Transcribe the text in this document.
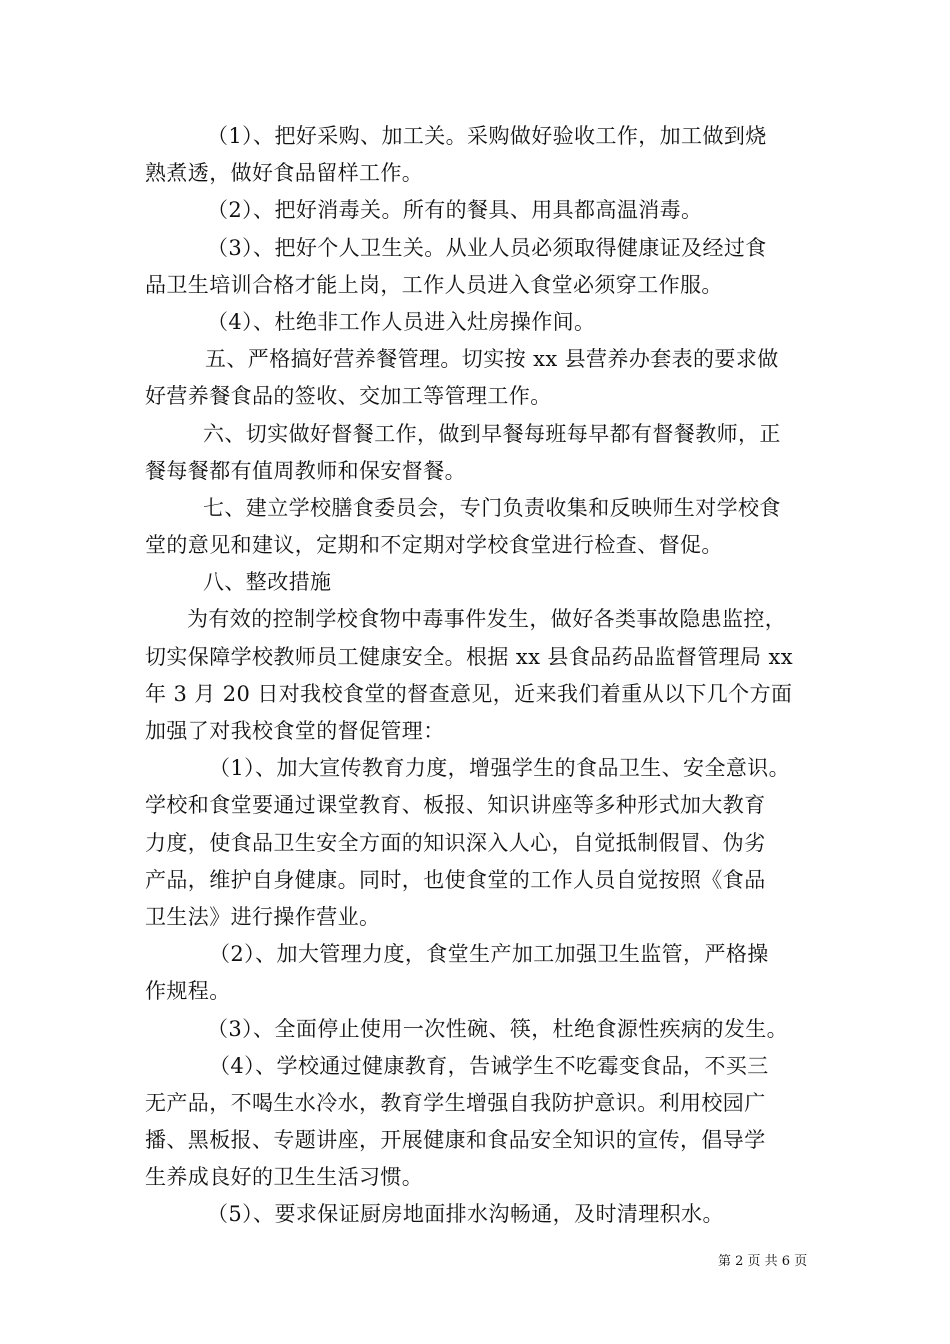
（1）、把好采购、加工关。采购做好验收工作，加工做到烧
熟煮透，做好食品留样工作。
（2）、把好消毒关。所有的餐具、用具都高温消毒。
（3）、把好个人卫生关。从业人员必须取得健康证及经过食
品卫生培训合格才能上岗，工作人员进入食堂必须穿工作服。
（4）、杜绝非工作人员进入灶房操作间。
五、严格搞好营养餐管理。切实按 xx 县营养办套表的要求做
好营养餐食品的签收、交加工等管理工作。
六、切实做好督餐工作，做到早餐每班每早都有督餐教师，正
餐每餐都有值周教师和保安督餐。
七、建立学校膳食委员会，专门负责收集和反映师生对学校食
堂的意见和建议，定期和不定期对学校食堂进行检查、督促。
八、整改措施
为有效的控制学校食物中毒事件发生，做好各类事故隐患监控，
切实保障学校教师员工健康安全。根据 xx 县食品药品监督管理局 xx
年 3 月 20 日对我校食堂的督查意见，近来我们着重从以下几个方面
加强了对我校食堂的督促管理：
（1）、加大宣传教育力度，增强学生的食品卫生、安全意识。
学校和食堂要通过课堂教育、板报、知识讲座等多种形式加大教育
力度，使食品卫生安全方面的知识深入人心，自觉抵制假冒、伪劣
产品，维护自身健康。同时，也使食堂的工作人员自觉按照《食品
卫生法》进行操作营业。
（2）、加大管理力度，食堂生产加工加强卫生监管，严格操
作规程。
（3）、全面停止使用一次性碗、筷，杜绝食源性疾病的发生。
（4）、学校通过健康教育，告诫学生不吃霉变食品，不买三
无产品，不喝生水冷水，教育学生增强自我防护意识。利用校园广
播、黑板报、专题讲座，开展健康和食品安全知识的宣传，倡导学
生养成良好的卫生生活习惯。
（5）、要求保证厨房地面排水沟畅通，及时清理积水。
第 2 页 共 6 页
